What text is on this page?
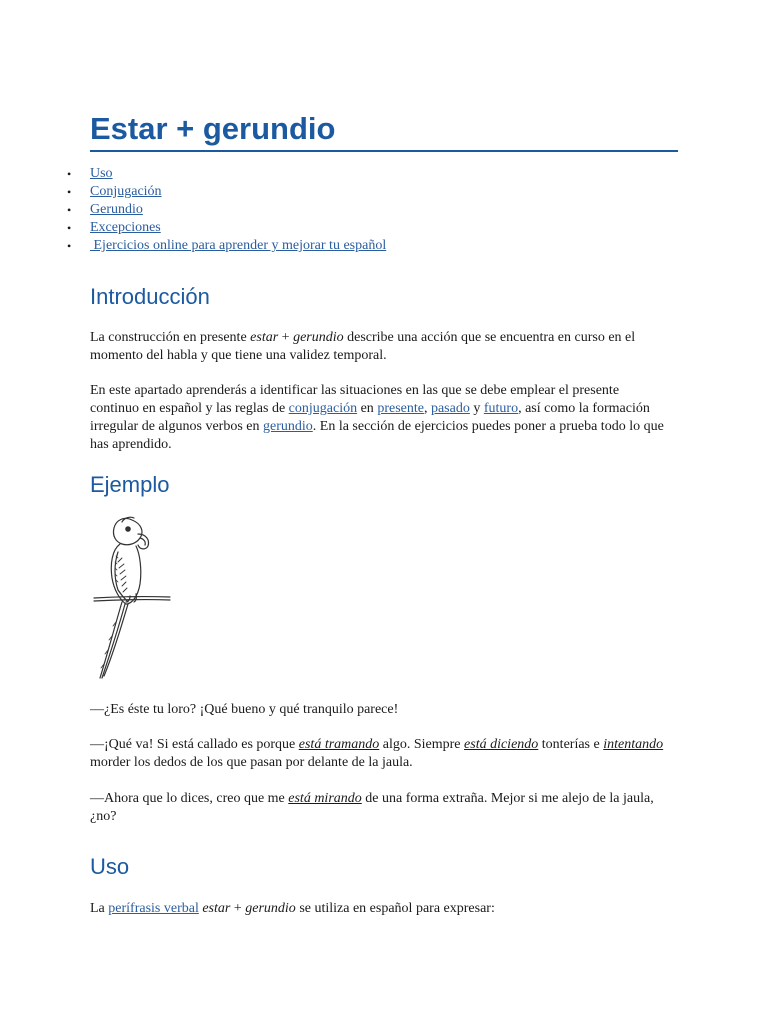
Estar + gerundio
• Uso
• Conjugación
• Gerundio
• Excepciones
• Ejercicios online para aprender y mejorar tu español
Introducción

La construcción en presente estar + gerundio describe una acción que se encuentra en curso en el momento del habla y que tiene una validez temporal.

En este apartado aprenderás a identificar las situaciones en las que se debe emplear el presente continuo en español y las reglas de conjugación en presente, pasado y futuro, así como la formación irregular de algunos verbos en gerundio. En la sección de ejercicios puedes poner a prueba todo lo que has aprendido.

Ejemplo

—¿Es éste tu loro? ¡Qué bueno y qué tranquilo parece!

—¡Qué va! Si está callado es porque está tramando algo. Siempre está diciendo tonterías e intentando morder los dedos de los que pasan por delante de la jaula.

—Ahora que lo dices, creo que me está mirando de una forma extraña. Mejor si me alejo de la jaula, ¿no?

Uso

La perífrasis verbal estar + gerundio se utiliza en español para expresar:
